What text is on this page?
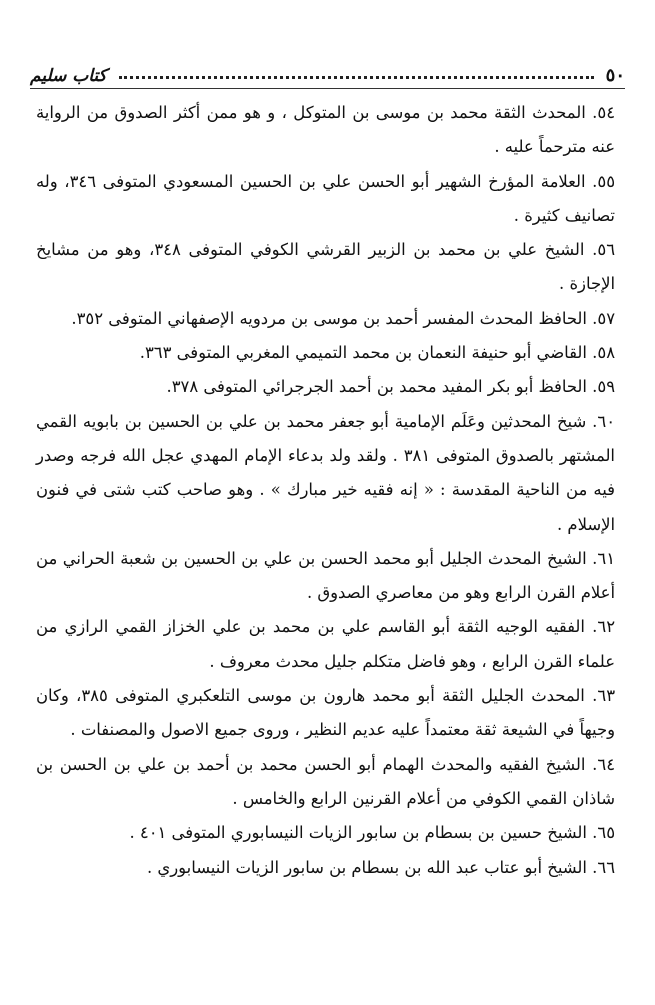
٥٠
كتاب سليم

٥٤. المحدث الثقة محمد بن موسى بن المتوكل ، و هو ممن أكثر الصدوق من الرواية عنه مترحماً عليه .

٥٥. العلامة المؤرخ الشهير أبو الحسن علي بن الحسين المسعودي المتوفى ٣٤٦، وله تصانيف كثيرة .

٥٦. الشيخ علي بن محمد بن الزبير القرشي الكوفي المتوفى ٣٤٨، وهو من مشايخ الإجازة .

٥٧. الحافظ المحدث المفسر أحمد بن موسى بن مردويه الإصفهاني المتوفى ٣٥٢.

٥٨. القاضي أبو حنيفة النعمان بن محمد التميمي المغربي المتوفى ٣٦٣.

٥٩. الحافظ أبو بكر المفيد محمد بن أحمد الجرجرائي المتوفى ٣٧٨.

٦٠. شيخ المحدثين وعَلَم الإمامية أبو جعفر محمد بن علي بن الحسين بن بابويه القمي المشتهر بالصدوق المتوفى ٣٨١ . ولقد ولد بدعاء الإمام المهدي عجل الله فرجه وصدر فيه من الناحية المقدسة : « إنه فقيه خير مبارك » . وهو صاحب كتب شتى في فنون الإسلام .

٦١. الشيخ المحدث الجليل أبو محمد الحسن بن علي بن الحسين بن شعبة الحراني من أعلام القرن الرابع وهو من معاصري الصدوق .

٦٢. الفقيه الوجيه الثقة أبو القاسم علي بن محمد بن علي الخزاز القمي الرازي من علماء القرن الرابع ، وهو فاضل متكلم جليل محدث معروف .

٦٣. المحدث الجليل الثقة أبو محمد هارون بن موسى التلعكبري المتوفى ٣٨٥، وكان وجيهاً في الشيعة ثقة معتمداً عليه عديم النظير ، وروى جميع الاصول والمصنفات .

٦٤. الشيخ الفقيه والمحدث الهمام أبو الحسن محمد بن أحمد بن علي بن الحسن بن شاذان القمي الكوفي من أعلام القرنين الرابع والخامس .

٦٥. الشيخ حسين بن بسطام بن سابور الزيات النيسابوري المتوفى ٤٠١ .

٦٦. الشيخ أبو عتاب عبد الله بن بسطام بن سابور الزيات النيسابوري .
